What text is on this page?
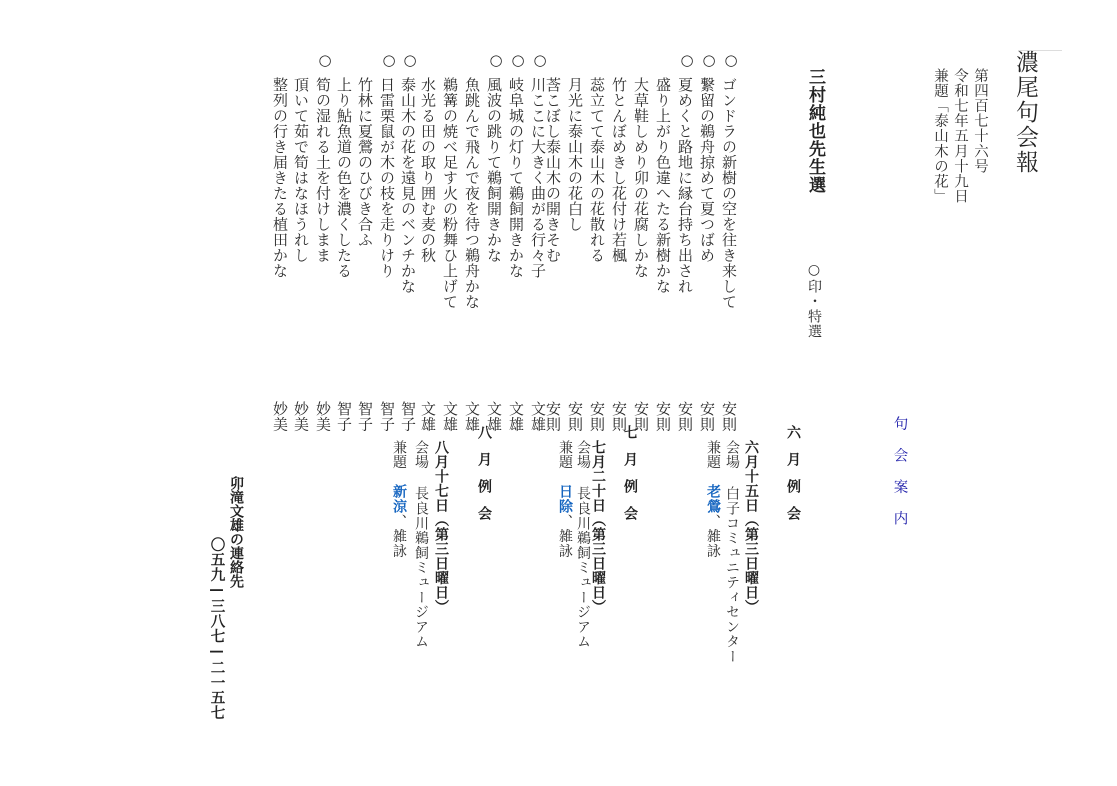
濃尾句会報
第四百七十六号
令和七年五月十九日
兼題「泰山木の花」
三村純也先生選
○印・特選
○
ゴンドラの新樹の空を往き来して
安則
○
繋留の鵜舟掠めて夏つばめ
安則
○
夏めくと路地に縁台持ち出され
安則
盛り上がり色違へたる新樹かな
安則
大草鞋しめり卯の花腐しかな
安則
竹とんぼめきし花付け若楓
安則
蕊立てて泰山木の花散れる
安則
月光に泰山木の花白し
安則
莟こぼし泰山木の開きそむ
安則
○
川ここに大きく曲がる行々子
文雄
○
岐阜城の灯りて鵜飼開きかな
文雄
○
風波の跳りて鵜飼開きかな
文雄
魚跳んで飛んで夜を待つ鵜舟かな
文雄
鵜篝の焼べ足す火の粉舞ひ上げて
文雄
水光る田の取り囲む麦の秋
文雄
○
泰山木の花を遠見のベンチかな
智子
○
日雷栗鼠が木の枝を走りけり
智子
竹林に夏鶯のひびき合ふ
智子
上り鮎魚道の色を濃くしたる
智子
○
筍の湿れる土を付けしまま
妙美
頂いて茹で筍はなほうれし
妙美
整列の行き届きたる植田かな
妙美	句会案内
六月例会
六月十五日（第三日曜日）
会場 白子コミュニティセンター
兼題　老鶯、雑詠
七月例会
七月二十日（第三日曜日）
会場 長良川鵜飼ミュージアム
兼題　日除、雑詠
八月例会
八月十七日（第三日曜日）
会場 長良川鵜飼ミュージアム
兼題　新涼、雑詠
卯滝文雄の連絡先
〇五九—三八七—二一五七
